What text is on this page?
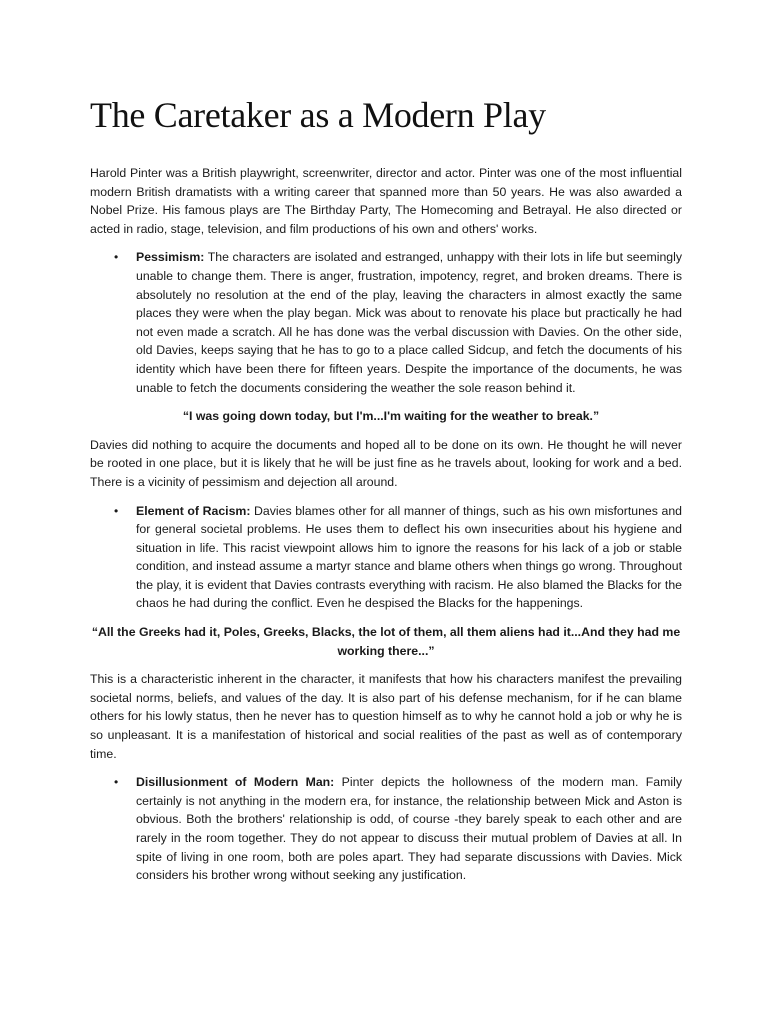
The Caretaker as a Modern Play

Harold Pinter was a British playwright, screenwriter, director and actor. Pinter was one of the most influential modern British dramatists with a writing career that spanned more than 50 years. He was also awarded a Nobel Prize. His famous plays are The Birthday Party, The Homecoming and Betrayal. He also directed or acted in radio, stage, television, and film productions of his own and others' works.

• Pessimism: The characters are isolated and estranged, unhappy with their lots in life but seemingly unable to change them. There is anger, frustration, impotency, regret, and broken dreams. There is absolutely no resolution at the end of the play, leaving the characters in almost exactly the same places they were when the play began. Mick was about to renovate his place but practically he had not even made a scratch. All he has done was the verbal discussion with Davies. On the other side, old Davies, keeps saying that he has to go to a place called Sidcup, and fetch the documents of his identity which have been there for fifteen years. Despite the importance of the documents, he was unable to fetch the documents considering the weather the sole reason behind it.
“I was going down today, but I'm...I'm waiting for the weather to break.”

Davies did nothing to acquire the documents and hoped all to be done on its own. He thought he will never be rooted in one place, but it is likely that he will be just fine as he travels about, looking for work and a bed. There is a vicinity of pessimism and dejection all around.

• Element of Racism: Davies blames other for all manner of things, such as his own misfortunes and for general societal problems. He uses them to deflect his own insecurities about his hygiene and situation in life. This racist viewpoint allows him to ignore the reasons for his lack of a job or stable condition, and instead assume a martyr stance and blame others when things go wrong. Throughout the play, it is evident that Davies contrasts everything with racism. He also blamed the Blacks for the chaos he had during the conflict. Even he despised the Blacks for the happenings.
“All the Greeks had it, Poles, Greeks, Blacks, the lot of them, all them aliens had it...And they had me working there...”

This is a characteristic inherent in the character, it manifests that how his characters manifest the prevailing societal norms, beliefs, and values of the day. It is also part of his defense mechanism, for if he can blame others for his lowly status, then he never has to question himself as to why he cannot hold a job or why he is so unpleasant. It is a manifestation of historical and social realities of the past as well as of contemporary time.

• Disillusionment of Modern Man: Pinter depicts the hollowness of the modern man. Family certainly is not anything in the modern era, for instance, the relationship between Mick and Aston is obvious. Both the brothers' relationship is odd, of course -they barely speak to each other and are rarely in the room together. They do not appear to discuss their mutual problem of Davies at all. In spite of living in one room, both are poles apart. They had separate discussions with Davies. Mick considers his brother wrong without seeking any justification.
